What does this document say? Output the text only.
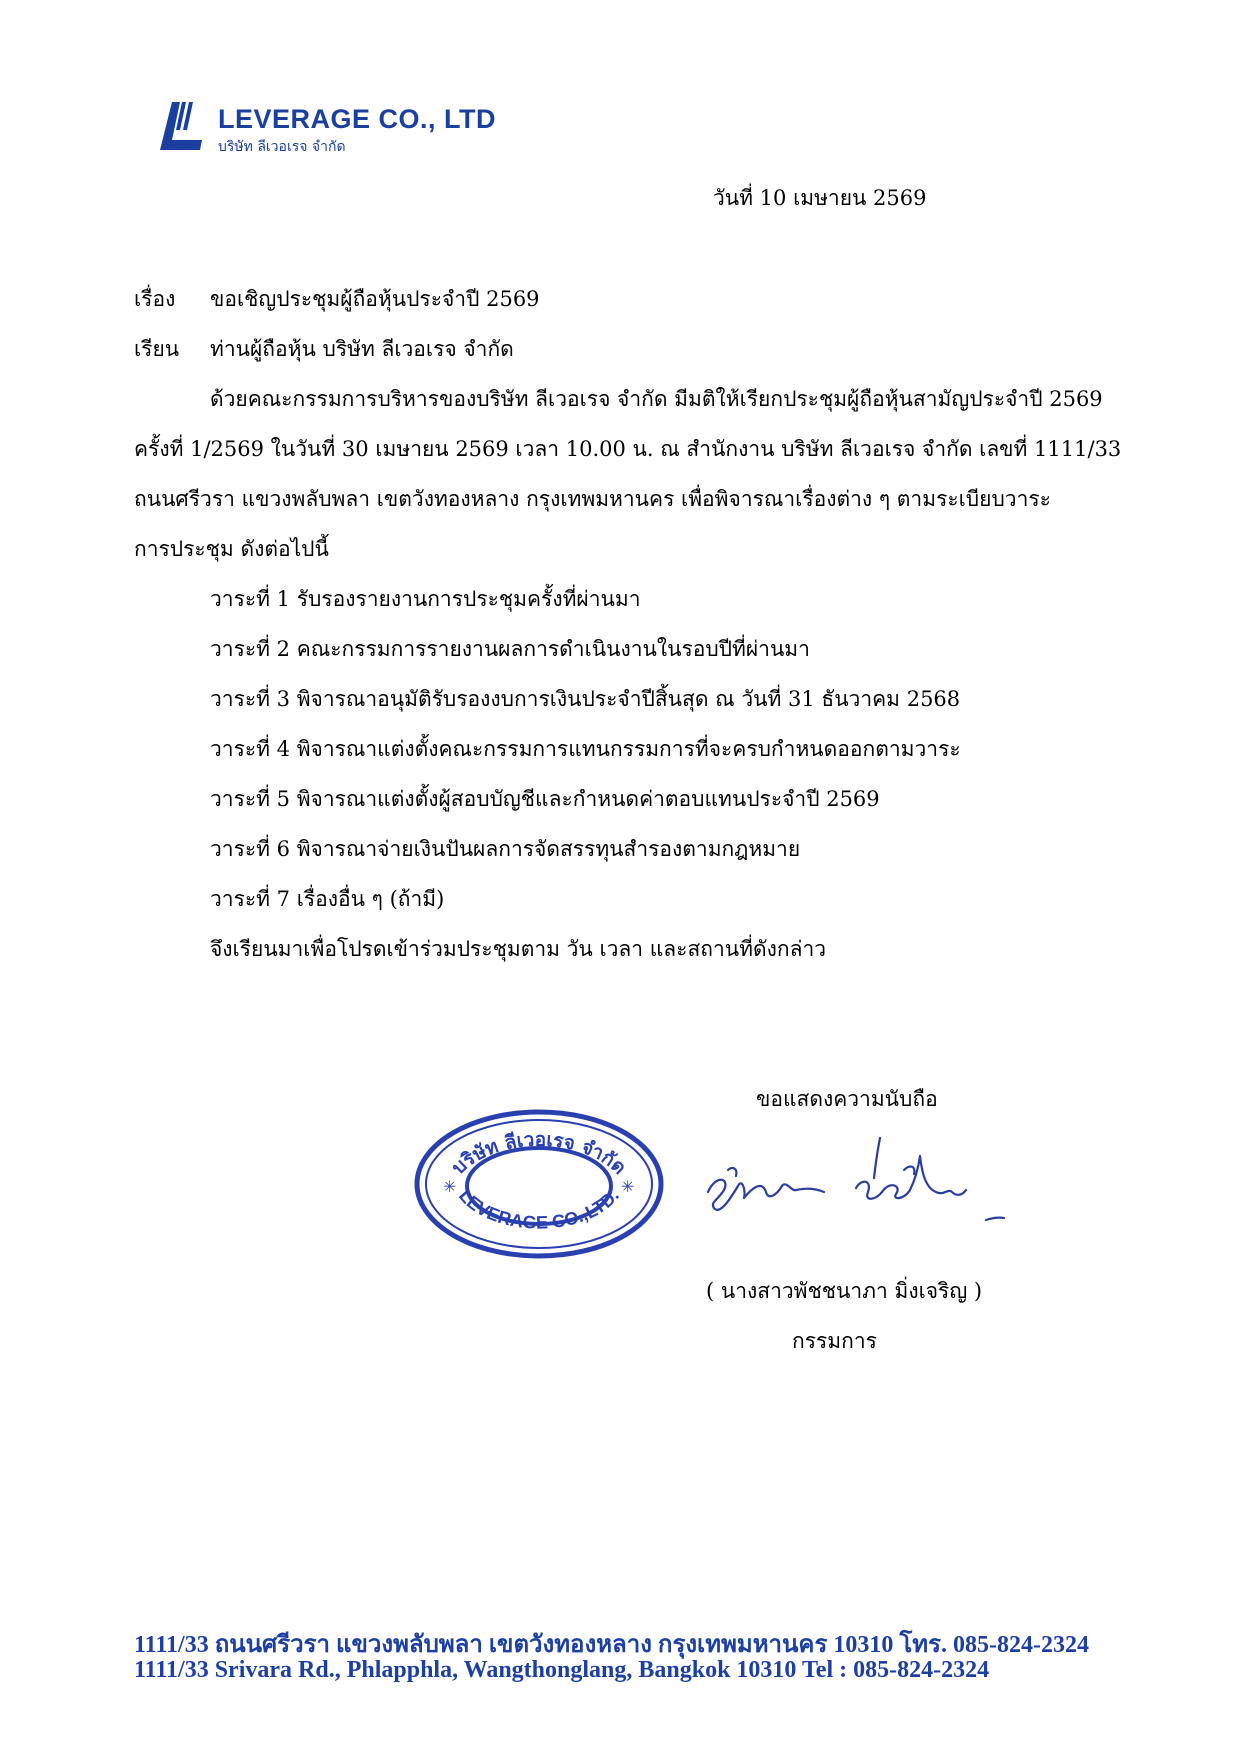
LEVERAGE CO., LTD
บริษัท ลีเวอเรจ จำกัด
วันที่ 10 เมษายน 2569
เรื่อง ขอเชิญประชุมผู้ถือหุ้นประจำปี 2569
เรียน ท่านผู้ถือหุ้น บริษัท ลีเวอเรจ จำกัด
ด้วยคณะกรรมการบริหารของบริษัท ลีเวอเรจ จำกัด มีมติให้เรียกประชุมผู้ถือหุ้นสามัญประจำปี 2569
ครั้งที่ 1/2569 ในวันที่ 30 เมษายน 2569 เวลา 10.00 น. ณ สำนักงาน บริษัท ลีเวอเรจ จำกัด เลขที่ 1111/33
ถนนศรีวรา แขวงพลับพลา เขตวังทองหลาง กรุงเทพมหานคร เพื่อพิจารณาเรื่องต่าง ๆ ตามระเบียบวาระ
การประชุม ดังต่อไปนี้
วาระที่ 1 รับรองรายงานการประชุมครั้งที่ผ่านมา
วาระที่ 2 คณะกรรมการรายงานผลการดำเนินงานในรอบปีที่ผ่านมา
วาระที่ 3 พิจารณาอนุมัติรับรองงบการเงินประจำปีสิ้นสุด ณ วันที่ 31 ธันวาคม 2568
วาระที่ 4 พิจารณาแต่งตั้งคณะกรรมการแทนกรรมการที่จะครบกำหนดออกตามวาระ
วาระที่ 5 พิจารณาแต่งตั้งผู้สอบบัญชีและกำหนดค่าตอบแทนประจำปี 2569
วาระที่ 6 พิจารณาจ่ายเงินปันผลการจัดสรรทุนสำรองตามกฎหมาย
วาระที่ 7 เรื่องอื่น ๆ (ถ้ามี)
จึงเรียนมาเพื่อโปรดเข้าร่วมประชุมตาม วัน เวลา และสถานที่ดังกล่าว
ขอแสดงความนับถือ
บริษัท ลีเวอเรจ จำกัด
LEVERAGE CO.,LTD.
✳	✳
( นางสาวพัชชนาภา มิ่งเจริญ )
กรรมการ
1111/33 ถนนศรีวรา แขวงพลับพลา เขตวังทองหลาง กรุงเทพมหานคร 10310 โทร. 085-824-2324
1111/33 Srivara Rd., Phlapphla, Wangthonglang, Bangkok 10310 Tel : 085-824-2324
